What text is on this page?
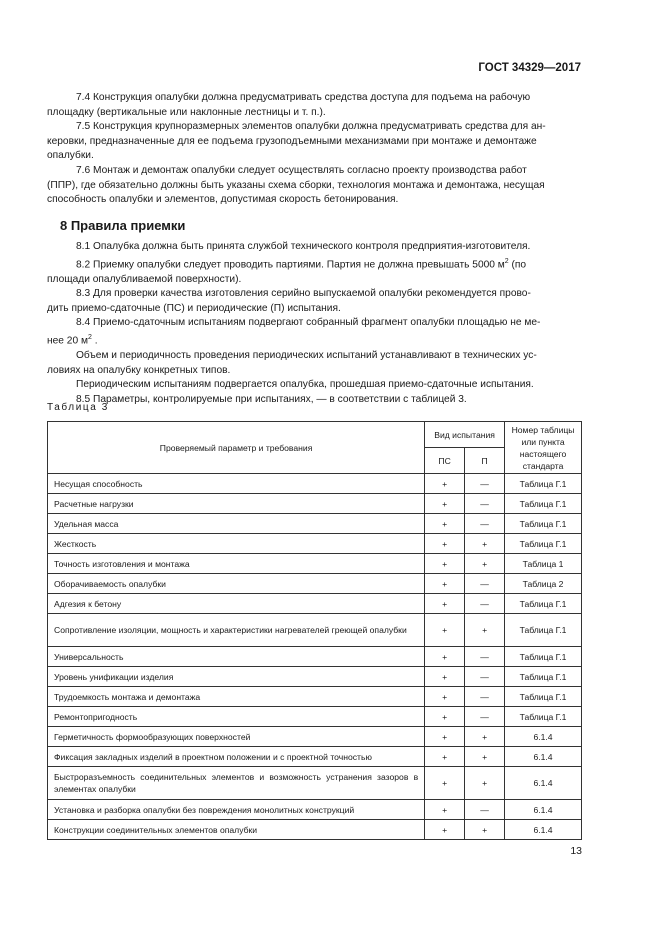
ГОСТ 34329—2017
7.4 Конструкция опалубки должна предусматривать средства доступа для подъема на рабочую
площадку (вертикальные или наклонные лестницы и т. п.).
7.5 Конструкция крупноразмерных элементов опалубки должна предусматривать средства для ан-
керовки, предназначенные для ее подъема грузоподъемными механизмами при монтаже и демонтаже
опалубки.
7.6 Монтаж и демонтаж опалубки следует осуществлять согласно проекту производства работ
(ППР), где обязательно должны быть указаны схема сборки, технология монтажа и демонтажа, несущая
способность опалубки и элементов, допустимая скорость бетонирования.
8 Правила приемки
8.1 Опалубка должна быть принята службой технического контроля предприятия-изготовителя.
8.2 Приемку опалубки следует проводить партиями. Партия не должна превышать 5000 $м^2$ (по
площади опалубливаемой поверхности).
8.3 Для проверки качества изготовления серийно выпускаемой опалубки рекомендуется прово-
дить приемо-сдаточные (ПС) и периодические (П) испытания.
8.4 Приемо-сдаточным испытаниям подвергают собранный фрагмент опалубки площадью не ме-
нее 20 $м^2$ .
Объем и периодичность проведения периодических испытаний устанавливают в технических ус-
ловиях на опалубку конкретных типов.
Периодическим испытаниям подвергается опалубка, прошедшая приемо-сдаточные испытания.
8.5 Параметры, контролируемые при испытаниях, — в соответствии с таблицей 3.
Таблица 3
Проверяемый параметр и требования	Вид испытания		Номер таблицы или пункта настоящего стандарта
	ПС	П	
Несущая способность	+	—	Таблица Г.1
Расчетные нагрузки	+	—	Таблица Г.1
Удельная масса	+	—	Таблица Г.1
Жесткость	+	+	Таблица Г.1
Точность изготовления и монтажа	+	+	Таблица 1
Оборачиваемость опалубки	+	—	Таблица 2
Адгезия к бетону	+	—	Таблица Г.1
Сопротивление изоляции, мощность и характеристики нагревателей греющей опалубки	+	+	Таблица Г.1
Универсальность	+	—	Таблица Г.1
Уровень унификации изделия	+	—	Таблица Г.1
Трудоемкость монтажа и демонтажа	+	—	Таблица Г.1
Ремонтопригодность	+	—	Таблица Г.1
Герметичность формообразующих поверхностей	+	+	6.1.4
Фиксация закладных изделий в проектном положении и с проектной точностью	+	+	6.1.4
Быстроразъемность соединительных элементов и возможность устранения зазоров в элементах опалубки	+	+	6.1.4
Установка и разборка опалубки без повреждения монолитных конструкций	+	—	6.1.4
Конструкции соединительных элементов опалубки	+	+	6.1.4
13
